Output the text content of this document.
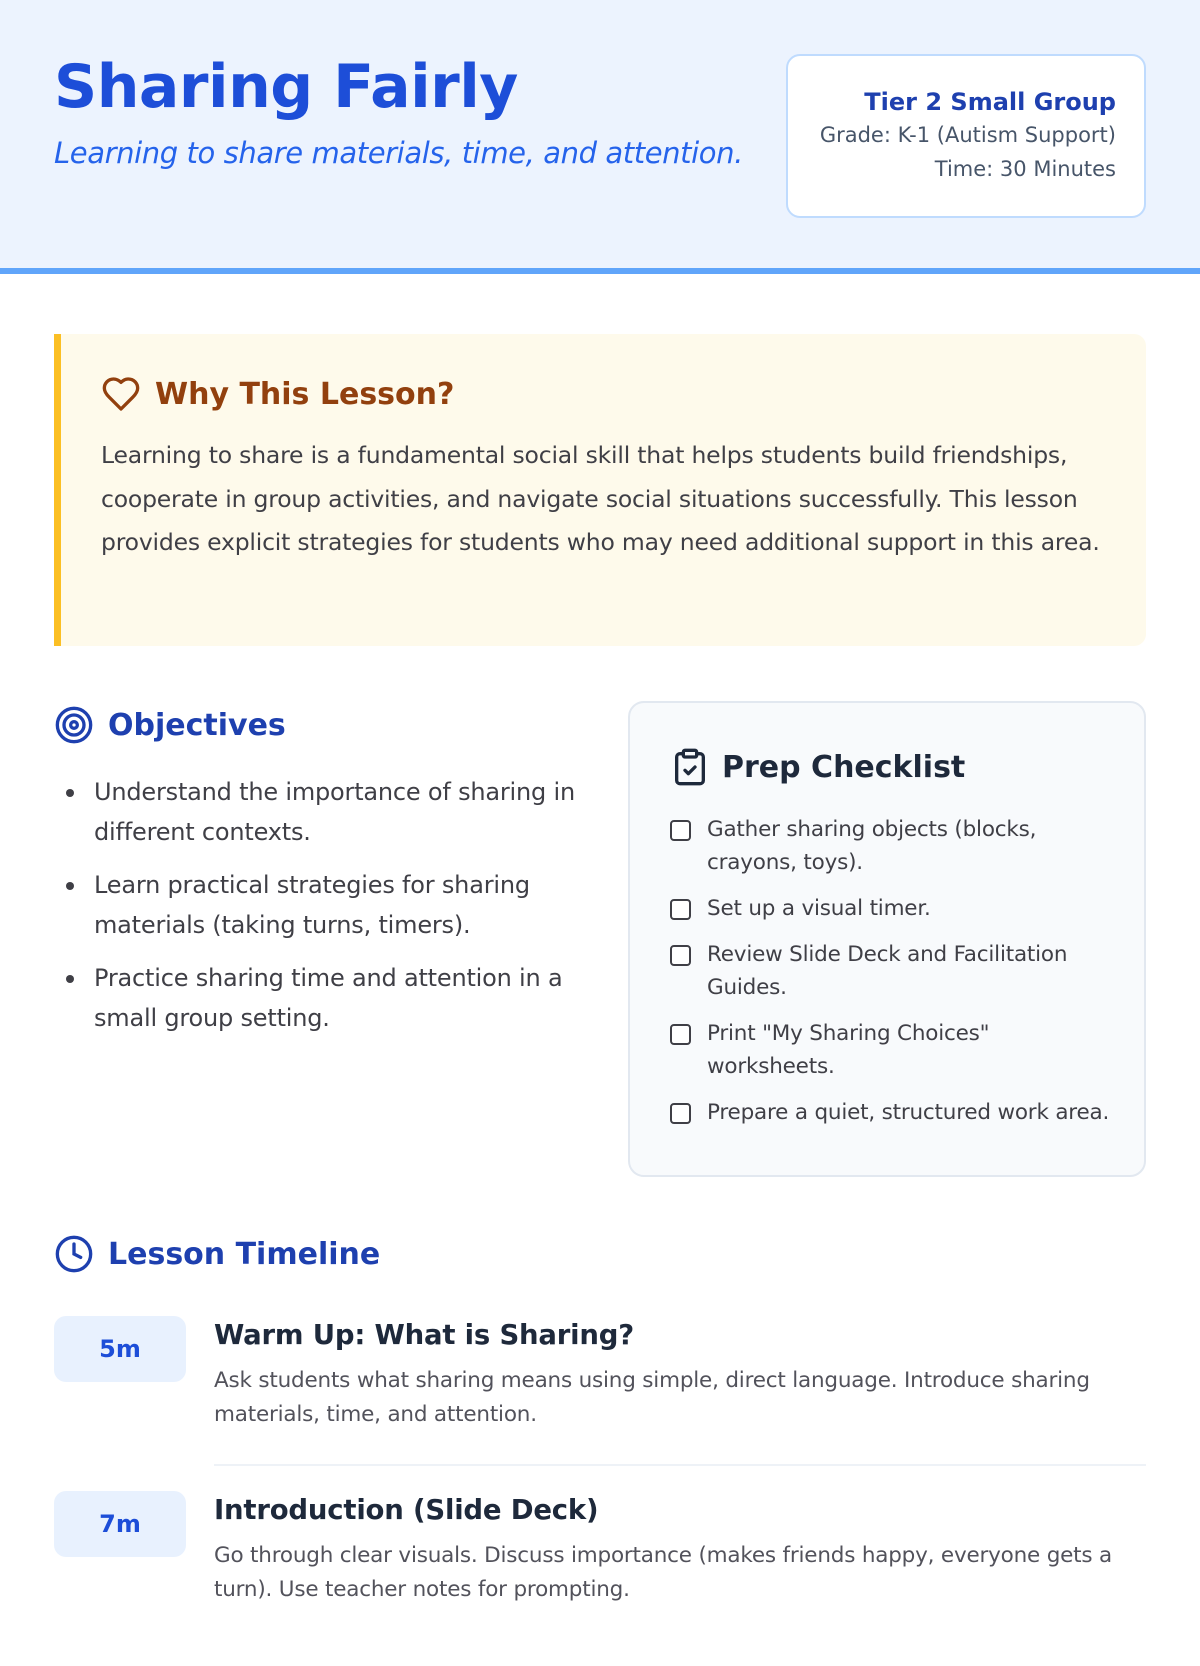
Sharing Fairly
Learning to share materials, time, and attention.
Tier 2 Small Group
Grade: K-1 (Autism Support)
Time: 30 Minutes
Why This Lesson?

Learning to share is a fundamental social skill that helps students build friendships, cooperate in group activities, and navigate social situations successfully. This lesson provides explicit strategies for students who may need additional support in this area.

Objectives
Understand the importance of sharing in different contexts.
Learn practical strategies for sharing materials (taking turns, timers).
Practice sharing time and attention in a small group setting.
Prep Checklist
Gather sharing objects (blocks, crayons, toys).
Set up a visual timer.
Review Slide Deck and Facilitation Guides.
Print "My Sharing Choices" worksheets.
Prepare a quiet, structured work area.
Lesson Timeline
5m	Warm Up: What is Sharing?
Ask students what sharing means using simple, direct language. Introduce sharing materials, time, and attention.
7m	Introduction (Slide Deck)
Go through clear visuals. Discuss importance (makes friends happy, everyone gets a turn). Use teacher notes for prompting.
